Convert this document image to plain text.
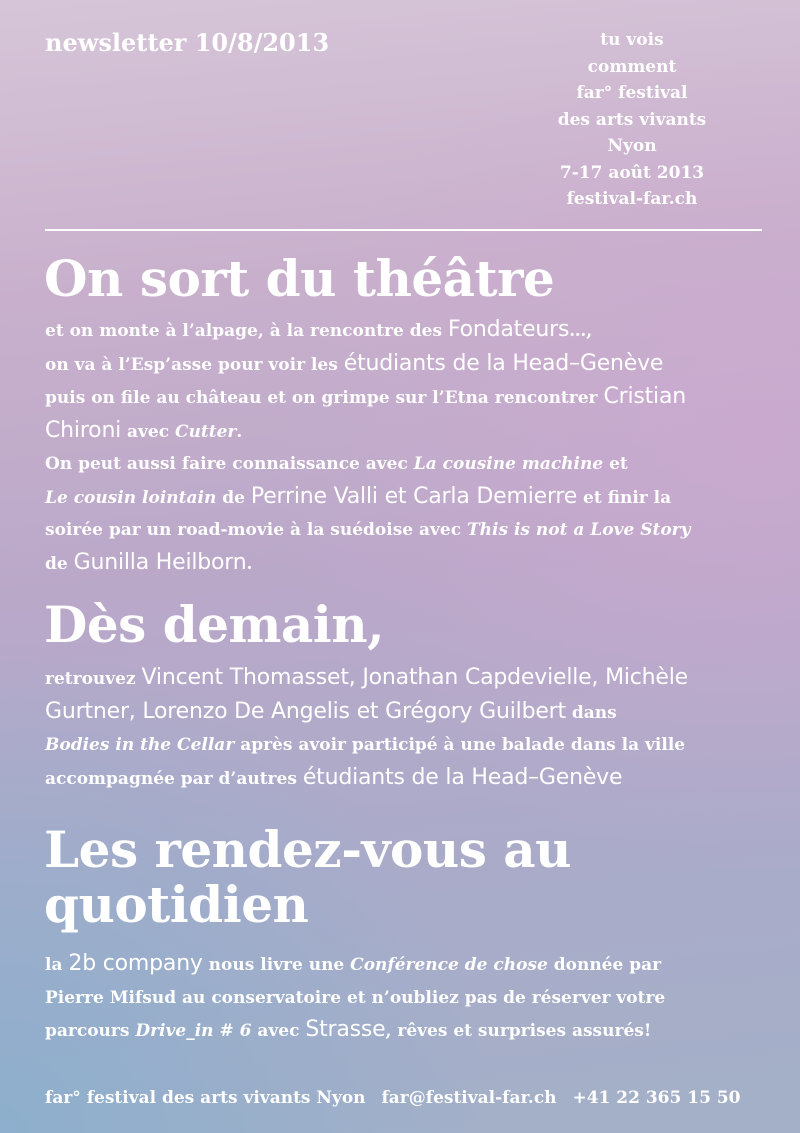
newsletter 10/8/2013	tu vois
comment
far° festival
des arts vivants
Nyon
7-17 août 2013
festival-far.ch
On sort du théâtre
et on monte à l’alpage, à la rencontre des Fondateurs…,
on va à l’Esp’asse pour voir les étudiants de la Head–Genève
puis on file au château et on grimpe sur l’Etna rencontrer Cristian
Chironi avec Cutter.
On peut aussi faire connaissance avec La cousine machine et
Le cousin lointain de Perrine Valli et Carla Demierre et finir la
soirée par un road-movie à la suédoise avec This is not a Love Story
de Gunilla Heilborn.
Dès demain,
retrouvez Vincent Thomasset, Jonathan Capdevielle, Michèle
Gurtner, Lorenzo De Angelis et Grégory Guilbert dans
Bodies in the Cellar après avoir participé à une balade dans la ville
accompagnée par d’autres étudiants de la Head–Genève
Les rendez-vous au
quotidien
la 2b company nous livre une Conférence de chose donnée par
Pierre Mifsud au conservatoire et n’oubliez pas de réserver votre
parcours Drive_in # 6 avec Strasse, rêves et surprises assurés!
far° festival des arts vivants Nyon far@festival-far.ch +41 22 365 15 50
